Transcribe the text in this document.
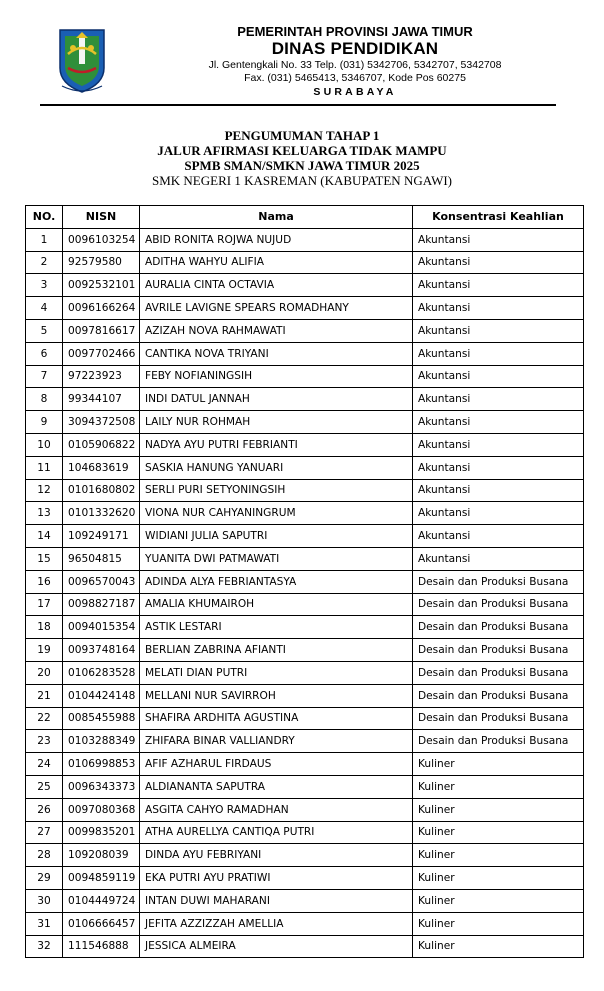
PEMERINTAH PROVINSI JAWA TIMUR
DINAS PENDIDIKAN
Jl. Gentengkali No. 33 Telp. (031) 5342706, 5342707, 5342708
Fax. (031) 5465413, 5346707, Kode Pos 60275
SURABAYA
PENGUMUMAN TAHAP 1
JALUR AFIRMASI KELUARGA TIDAK MAMPU
SPMB SMAN/SMKN JAWA TIMUR 2025
SMK NEGERI 1 KASREMAN (KABUPATEN NGAWI)
NO.	NISN	Nama	Konsentrasi Keahlian
1	0096103254	ABID RONITA ROJWA NUJUD	Akuntansi
2	92579580	ADITHA WAHYU ALIFIA	Akuntansi
3	0092532101	AURALIA CINTA OCTAVIA	Akuntansi
4	0096166264	AVRILE LAVIGNE SPEARS ROMADHANY	Akuntansi
5	0097816617	AZIZAH NOVA RAHMAWATI	Akuntansi
6	0097702466	CANTIKA NOVA TRIYANI	Akuntansi
7	97223923	FEBY NOFIANINGSIH	Akuntansi
8	99344107	INDI DATUL JANNAH	Akuntansi
9	3094372508	LAILY NUR ROHMAH	Akuntansi
10	0105906822	NADYA AYU PUTRI FEBRIANTI	Akuntansi
11	104683619	SASKIA HANUNG YANUARI	Akuntansi
12	0101680802	SERLI PURI SETYONINGSIH	Akuntansi
13	0101332620	VIONA NUR CAHYANINGRUM	Akuntansi
14	109249171	WIDIANI JULIA SAPUTRI	Akuntansi
15	96504815	YUANITA DWI PATMAWATI	Akuntansi
16	0096570043	ADINDA ALYA FEBRIANTASYA	Desain dan Produksi Busana
17	0098827187	AMALIA KHUMAIROH	Desain dan Produksi Busana
18	0094015354	ASTIK LESTARI	Desain dan Produksi Busana
19	0093748164	BERLIAN ZABRINA AFIANTI	Desain dan Produksi Busana
20	0106283528	MELATI DIAN PUTRI	Desain dan Produksi Busana
21	0104424148	MELLANI NUR SAVIRROH	Desain dan Produksi Busana
22	0085455988	SHAFIRA ARDHITA AGUSTINA	Desain dan Produksi Busana
23	0103288349	ZHIFARA BINAR VALLIANDRY	Desain dan Produksi Busana
24	0106998853	AFIF AZHARUL FIRDAUS	Kuliner
25	0096343373	ALDIANANTA SAPUTRA	Kuliner
26	0097080368	ASGITA CAHYO RAMADHAN	Kuliner
27	0099835201	ATHA AURELLYA CANTIQA PUTRI	Kuliner
28	109208039	DINDA AYU FEBRIYANI	Kuliner
29	0094859119	EKA PUTRI AYU PRATIWI	Kuliner
30	0104449724	INTAN DUWI MAHARANI	Kuliner
31	0106666457	JEFITA AZZIZZAH AMELLIA	Kuliner
32	111546888	JESSICA ALMEIRA	Kuliner
